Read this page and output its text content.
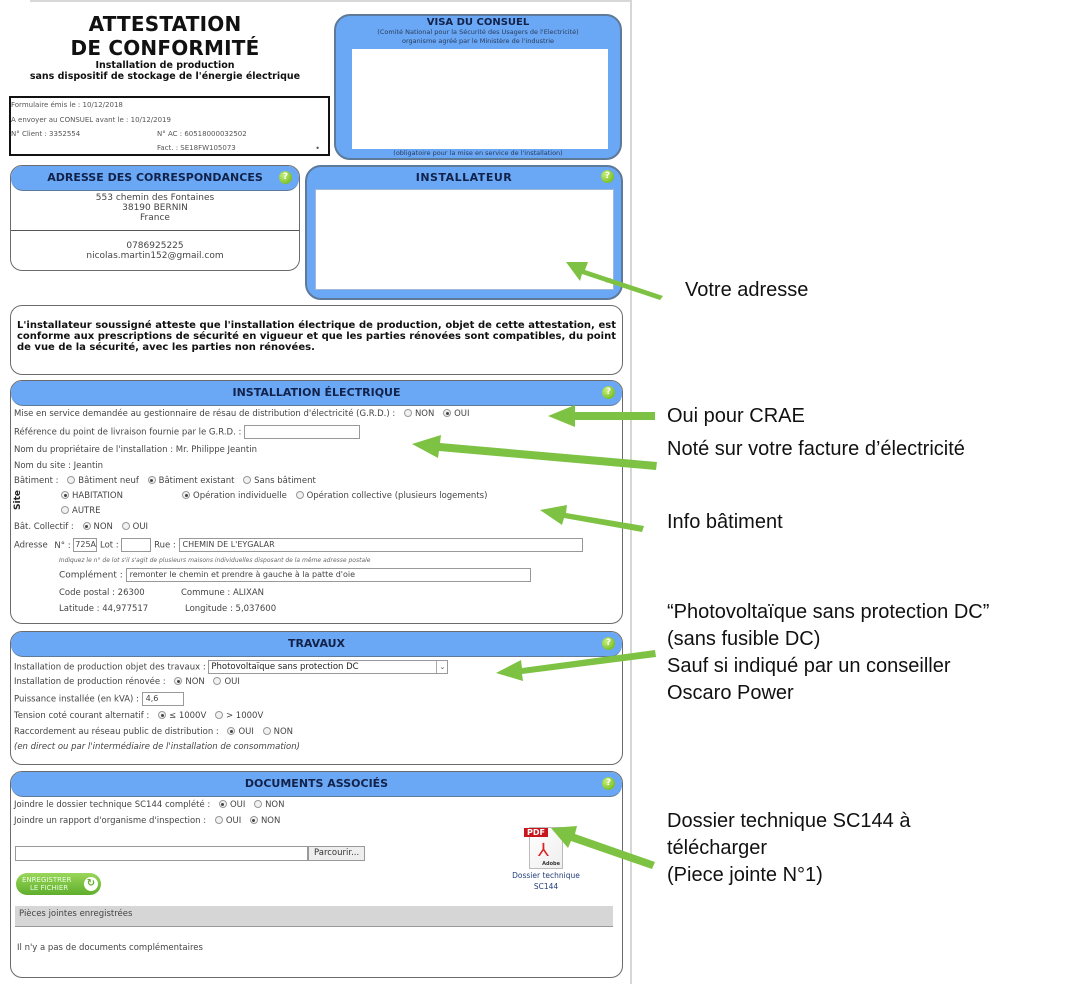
ATTESTATION
DE CONFORMITÉ
Installation de production
sans dispositif de stockage de l'énergie électrique
Formulaire émis le : 10/12/2018
A envoyer au CONSUEL avant le : 10/12/2019
N° Client : 3352554	N° AC : 60518000032502
Fact. : SE18FW105073	•
VISA DU CONSUEL
(Comité National pour la Sécurité des Usagers de l'Electricité)
organisme agréé par le Ministère de l'industrie
(obligatoire pour la mise en service de l'installation)
ADRESSE DES CORRESPONDANCES	?
553 chemin des Fontaines
38190 BERNIN
France
0786925225
nicolas.martin152@gmail.com
INSTALLATEUR	?
L'installateur soussigné atteste que l'installation électrique de production, objet de cette attestation, est conforme aux prescriptions de sécurité en vigueur et que les parties rénovées sont compatibles, du point de vue de la sécurité, avec les parties non rénovées.
INSTALLATION ÉLECTRIQUE	?
Mise en service demandée au gestionnaire de résau de distribution d'électricité (G.R.D.) : NON OUI
Référence du point de livraison fournie par le G.R.D. :
Nom du propriétaire de l'installation : Mr. Philippe Jeantin
Nom du site : Jeantin
Bâtiment : Bâtiment neuf Bâtiment existant Sans bâtiment
Site	HABITATION	Opération individuelle Opération collective (plusieurs logements)
AUTRE
Bât. Collectif : NON OUI
Adresse N° : 725A Lot :	Rue : CHEMIN DE L'EYGALAR
Indiquez le n° de lot s'il s'agit de plusieurs maisons individuelles disposant de la même adresse postale
Complément : remonter le chemin et prendre à gauche à la patte d'oie
Code postal : 26300	Commune : ALIXAN
Latitude : 44,977517	Longitude : 5,037600
TRAVAUX	?
Installation de production objet des travaux : Photovoltaïque sans protection DC	⌄
Installation de production rénovée : NON OUI
Puissance installée (en kVA) : 4,6
Tension coté courant alternatif : ≤ 1000V > 1000V
Raccordement au réseau public de distribution : OUI NON
(en direct ou par l'intermédiaire de l'installation de consommation)
DOCUMENTS ASSOCIÉS	?
Joindre le dossier technique SC144 complété : OUI NON
Joindre un rapport d'organisme d'inspection : OUI NON
Parcourir...
PDF
⅄
Adobe
Dossier technique
SC144
ENREGISTRER
LE FICHIER	↻
Pièces jointes enregistrées
Il n'y a pas de documents complémentaires
Votre adresse
Oui pour CRAE
Noté sur votre facture d’électricité
Info bâtiment
“Photovoltaïque sans protection DC”
(sans fusible DC)
Sauf si indiqué par un conseiller
Oscaro Power
Dossier technique SC144 à
télécharger
(Piece jointe N°1)
